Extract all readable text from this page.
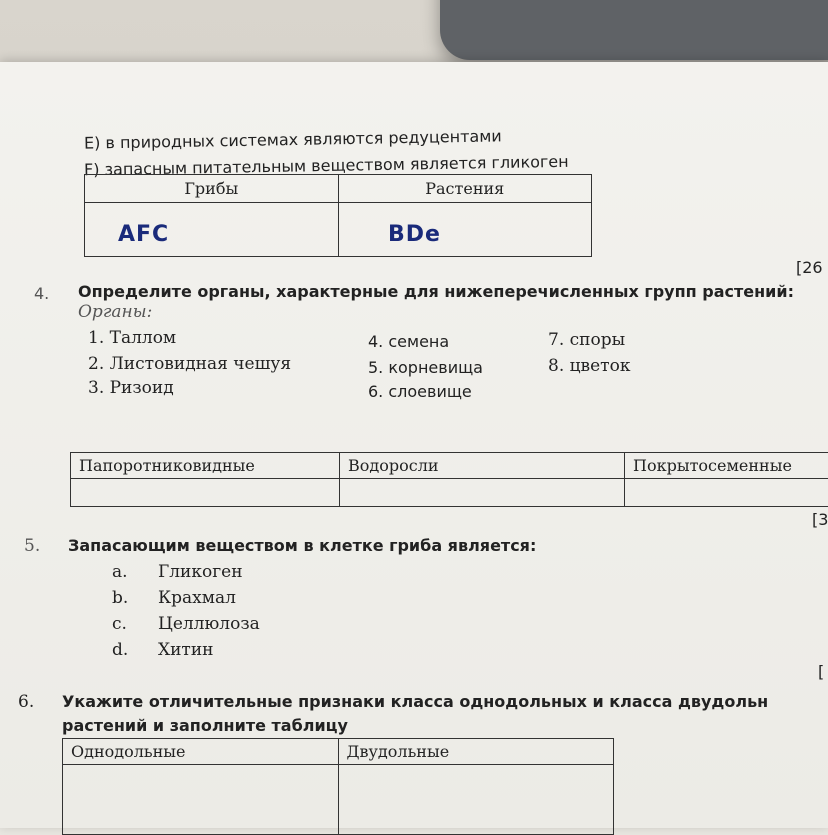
Е) в природных системах являются редуцентами
F) запасным питательным веществом является гликоген
Грибы	Растения

AFC	BDe
[26
4. Определите органы, характерные для нижеперечисленных групп растений:
Органы:
1. Таллом
2. Листовидная чешуя
3. Ризоид
4. семена
5. корневища
6. слоевище
7. споры
8. цветок
Папоротниковидные	Водоросли	Покрытосеменные

[3
5. Запасающим веществом в клетке гриба является:
a. Гликоген
b. Крахмал
c. Целлюлоза
d. Хитин
[
6. Укажите отличительные признаки класса однодольных и класса двудольн
растений и заполните таблицу
Однодольные	Двудольные
